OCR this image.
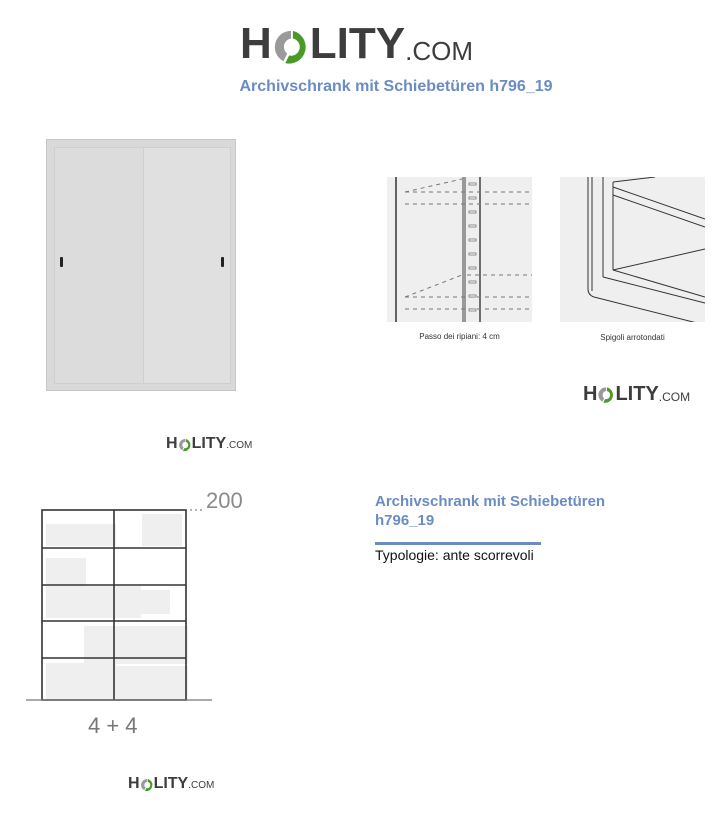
H LITY .COM
Archivschrank mit Schiebetüren h796_19
H LITY .COM
Passo dei ripiani: 4 cm	Spigoli arrotondati
H LITY .COM
200
4 + 4
H LITY .COM
Archivschrank mit Schiebetüren h796_19
Typologie: ante scorrevoli
